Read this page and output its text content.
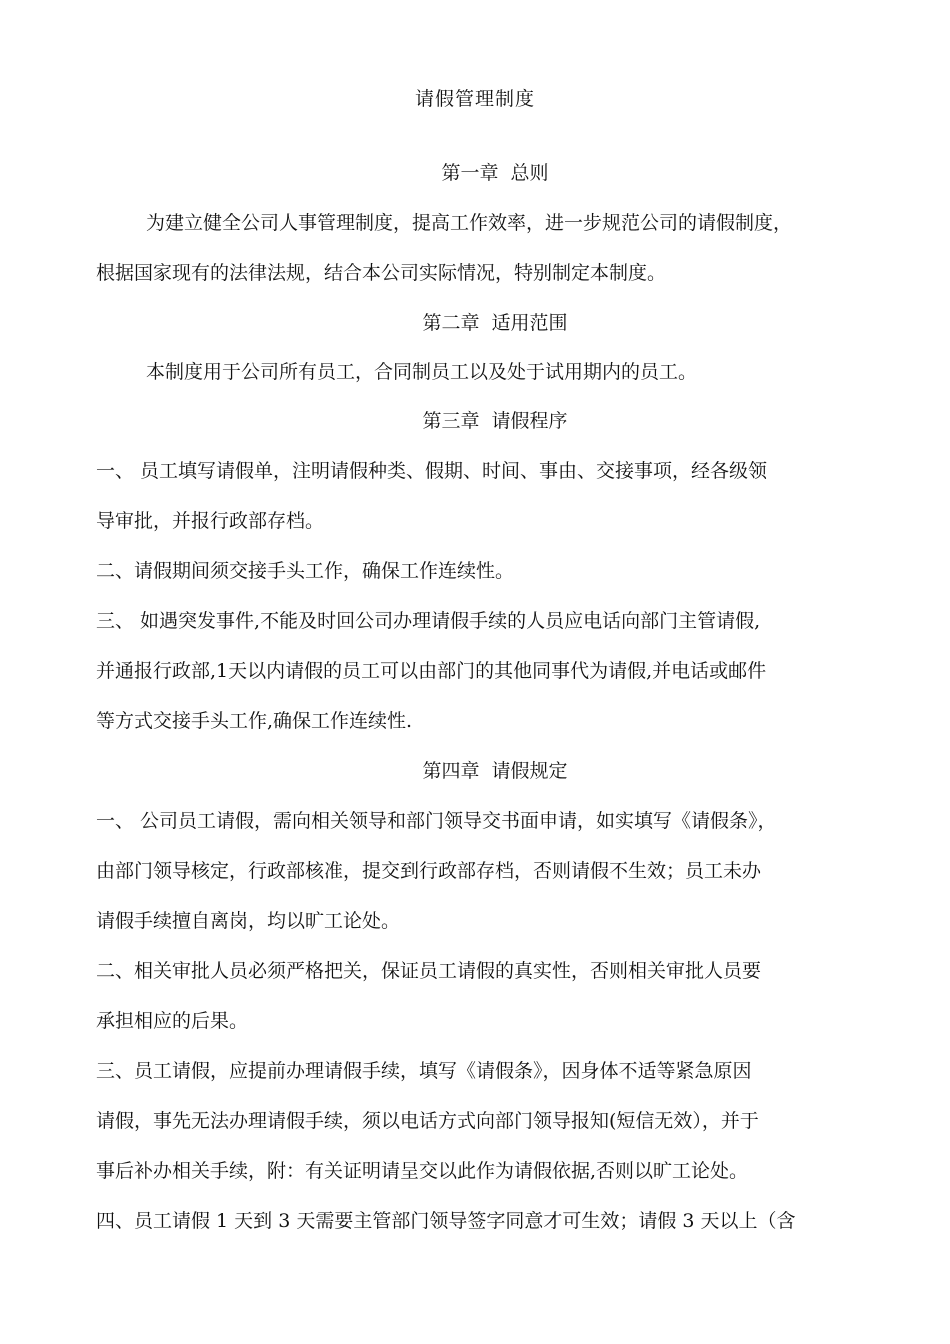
请假管理制度
第一章 总则
为建立健全公司人事管理制度，提高工作效率，进一步规范公司的请假制度，
根据国家现有的法律法规，结合本公司实际情况，特别制定本制度。
第二章 适用范围
本制度用于公司所有员工，合同制员工以及处于试用期内的员工。
第三章 请假程序
一、 员工填写请假单，注明请假种类、假期、时间、事由、交接事项，经各级领
导审批，并报行政部存档。
二、请假期间须交接手头工作，确保工作连续性。
三、 如遇突发事件,不能及时回公司办理请假手续的人员应电话向部门主管请假,
并通报行政部,1天以内请假的员工可以由部门的其他同事代为请假,并电话或邮件
等方式交接手头工作,确保工作连续性.
第四章 请假规定
一、 公司员工请假，需向相关领导和部门领导交书面申请，如实填写《请假条》，
由部门领导核定，行政部核准，提交到行政部存档，否则请假不生效；员工未办
请假手续擅自离岗，均以旷工论处。
二、相关审批人员必须严格把关，保证员工请假的真实性，否则相关审批人员要
承担相应的后果。
三、员工请假，应提前办理请假手续，填写《请假条》，因身体不适等紧急原因
请假，事先无法办理请假手续，须以电话方式向部门领导报知(短信无效），并于
事后补办相关手续，附：有关证明请呈交以此作为请假依据,否则以旷工论处。
四、员工请假 1 天到 3 天需要主管部门领导签字同意才可生效；请假 3 天以上（含
